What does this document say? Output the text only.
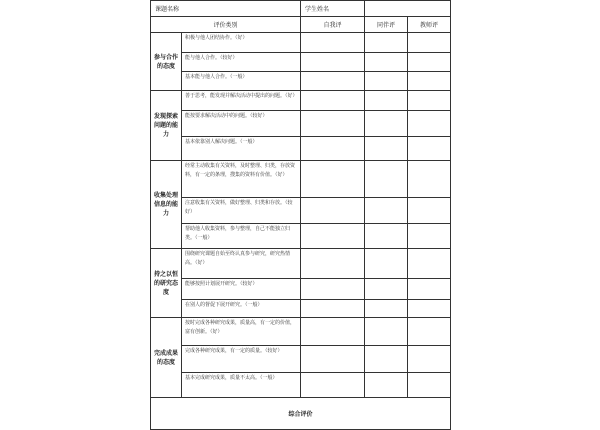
课题名称		学生姓名		
评价类别		自我评	同伴评	教师评
参与合作的态度	积极与他人团结协作。（好）			
	能与他人合作。（较好）			
	基本能与他人合作。（一般）			
发现探索问题的能力	善于思考，能发现并解决活动中提出的问题。（好）			
	能按要求解决活动中的问题。（较好）			
	基本依靠别人解决问题。（一般）			
收集处理信息的能力	经常主动收集有关资料，及时整理、归类，存放资料，有一定的条理，搜集的资料有价值。（好）			
	注意收集有关资料，做好整理、归类和存放。（较好）			
	帮助他人收集资料，参与整理，自己不能独立归类。（一般）			
持之以恒的研究态度	围绕研究课题自始至终认真参与研究，研究热情高。（好）			
	能够按照计划展开研究。（较好）			
	在别人的督促下展开研究。（一般）			
完成成果的态度	按时完成各种研究成果，质量高，有一定的价值，富有创新。（好）			
	完成各种研究成果，有一定的质量。（较好）			
	基本完成研究成果，质量不太高。（一般）			
综合评价				
